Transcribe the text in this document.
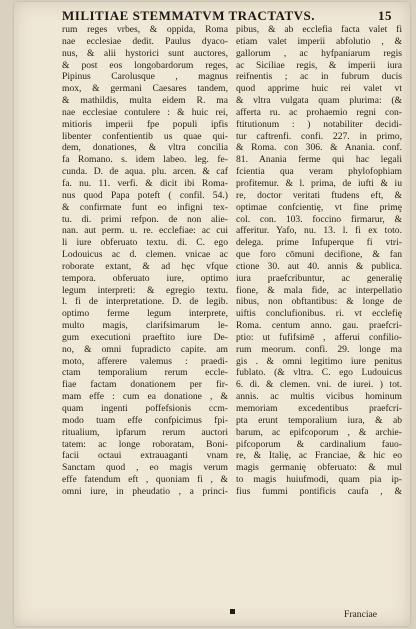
MILITIAE STEMMATVM TRACTATVS.	15
rum reges vrbes, & oppida, Roma
nae ecclesiae dedit. Paulus dyaco-
nus, & alii hystorici sunt auctores,
& post eos longobardorum reges,
Pipinus Carolusque , magnus
mox, & germani Caesares tandem,
& mathildis, multa eidem R. ma
nae ecclesiae contulere : & huic rei,
mitioris imperii fpe populi ipfis
libenter confentientib us quae qui-
dem, donationes, & vltra concilia
fa Romano. s. idem labeo. leg. fe-
cunda. D. de aqua. plu. arcen. & caf
fa. nu. 11. verfi. & dicit ibi Roma-
nus quod Papa poteft ( confil. 54.)
& confirmate funt eo infigni tex-
tu. di. primi refpon. de non alie-
nan. aut perm. u. re. ecclefiae: ac cui
li iure obferuato textu. di. C. ego
Lodouicus ac d. clemen. vnicae ac
roborate extant, & ad hęc vfque
tempora. obferuato iure, optimo
legum interpreti: & egregio textu.
l. fi de interpretatione. D. de legib.
optimo ferme legum interprete,
multo magis, clarifsimarum le-
gum executioni praeftito iure De-
no, & omni fupradicto capite. am
moto, afferere valemus : praedi-
ctam temporalium rerum eccle-
fiae factam donationem per fir-
mam effe : cum ea donatione , &
quam ingenti poffefsionis ccm-
modo tuam effe confpicimus fpi-
ritualium, ipfarum rerum auctori
tatem: ac longe roboratam, Boni-
facii octaui extrauaganti vnam
Sanctam quod , eo magis verum
effe fatendum eft , quoniam fi , &
omni iure, in pheudatio , a princi-
pibus, & ab ecclefia facta valet fi
etiam valet imperii abfolutio , &
gallorum , ac hyfpaniarum regis
ac Siciliae regis, & imperii iura
reifnentis ; ac in fubrum ducis
quod apprime huic rei valet vt
& vltra vulgata quam plurima: (&
afferta ru. ac prohaemio regni con-
ftitutionum : ) notabiliter decidi-
tur caftrenfi. confi. 227. in primo,
& Roma. con 306. & Anania. conf.
81. Anania ferme qui hac legali
fcientia qua veram phylofophiam
profitemur. & l. prima, de iufti & iu
re, doctor veritati ftudens eft, &
optimae confcientię, vt fine primę
col. con. 103. foccino firmarur, &
afferitur. Yafo, nu. 13. l. fi ex toto.
delega. prime Infuperque fi vtri-
que foro cōmuni decifione, & fan
ctione 30. aut 40. annis & publica.
iura praefcribuntur, ac generalię
fione, & mala fide, ac interpellatio
nibus, non obftantibus: & longe de
uiftis conclufionibus. ri. vt ecclefię
Roma. centum anno. gau. praefcri-
ptio: ut fufifsimē , afferui confilio-
rum meorum. confi. 29. longe ma
gis . & omni legitimo iure penitus
fublato. (& vltra. C. ego Ludouicus
6. di. & clemen. vni. de iurei. ) tot.
annis. ac multis vicibus hominum
memoriam excedentibus praefcri-
pta erunt temporalium iura, & ab
barum, ac epifcoporum , & archie-
pifcoporum & cardinalium fauo-
re, & Italię, ac Franciae, & hic eo
magis germanię obferuato: & mul
to magis huiufmodi, quam pia ip-
fius fummi pontificis caufa , &
Franciae
